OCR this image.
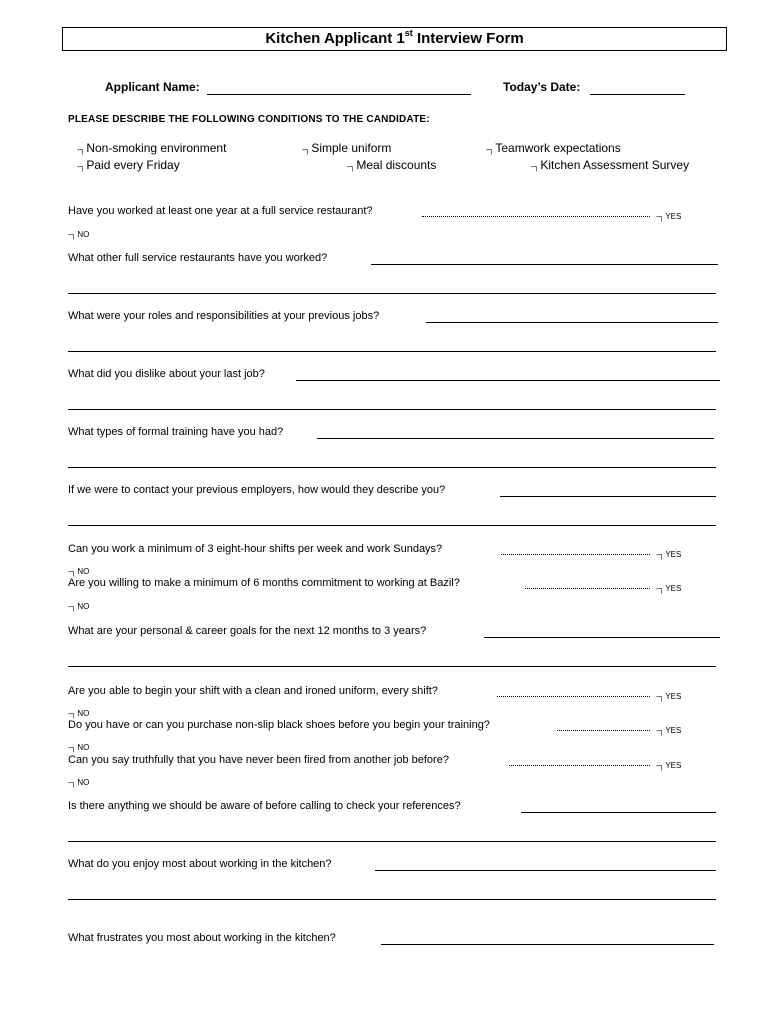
Kitchen Applicant 1st Interview Form
Applicant Name:	Today’s Date:
PLEASE DESCRIBE THE FOLLOWING CONDITIONS TO THE CANDIDATE:
-┐Non-smoking environment	-┐Simple uniform	-┐Teamwork expectations
-┐Paid every Friday	-┐Meal discounts	-┐Kitchen Assessment Survey
Have you worked at least one year at a full service restaurant?	-┐YES
-┐NO
What other full service restaurants have you worked?
What were your roles and responsibilities at your previous jobs?
What did you dislike about your last job?
What types of formal training have you had?
If we were to contact your previous employers, how would they describe you?
Can you work a minimum of 3 eight-hour shifts per week and work Sundays?	-┐YES
-┐NO
Are you willing to make a minimum of 6 months commitment to working at Bazil?	-┐YES
-┐NO
What are your personal & career goals for the next 12 months to 3 years?
Are you able to begin your shift with a clean and ironed uniform, every shift?	-┐YES
-┐NO
Do you have or can you purchase non-slip black shoes before you begin your training?	-┐YES
-┐NO
Can you say truthfully that you have never been fired from another job before?	-┐YES
-┐NO
Is there anything we should be aware of before calling to check your references?
What do you enjoy most about working in the kitchen?
What frustrates you most about working in the kitchen?
